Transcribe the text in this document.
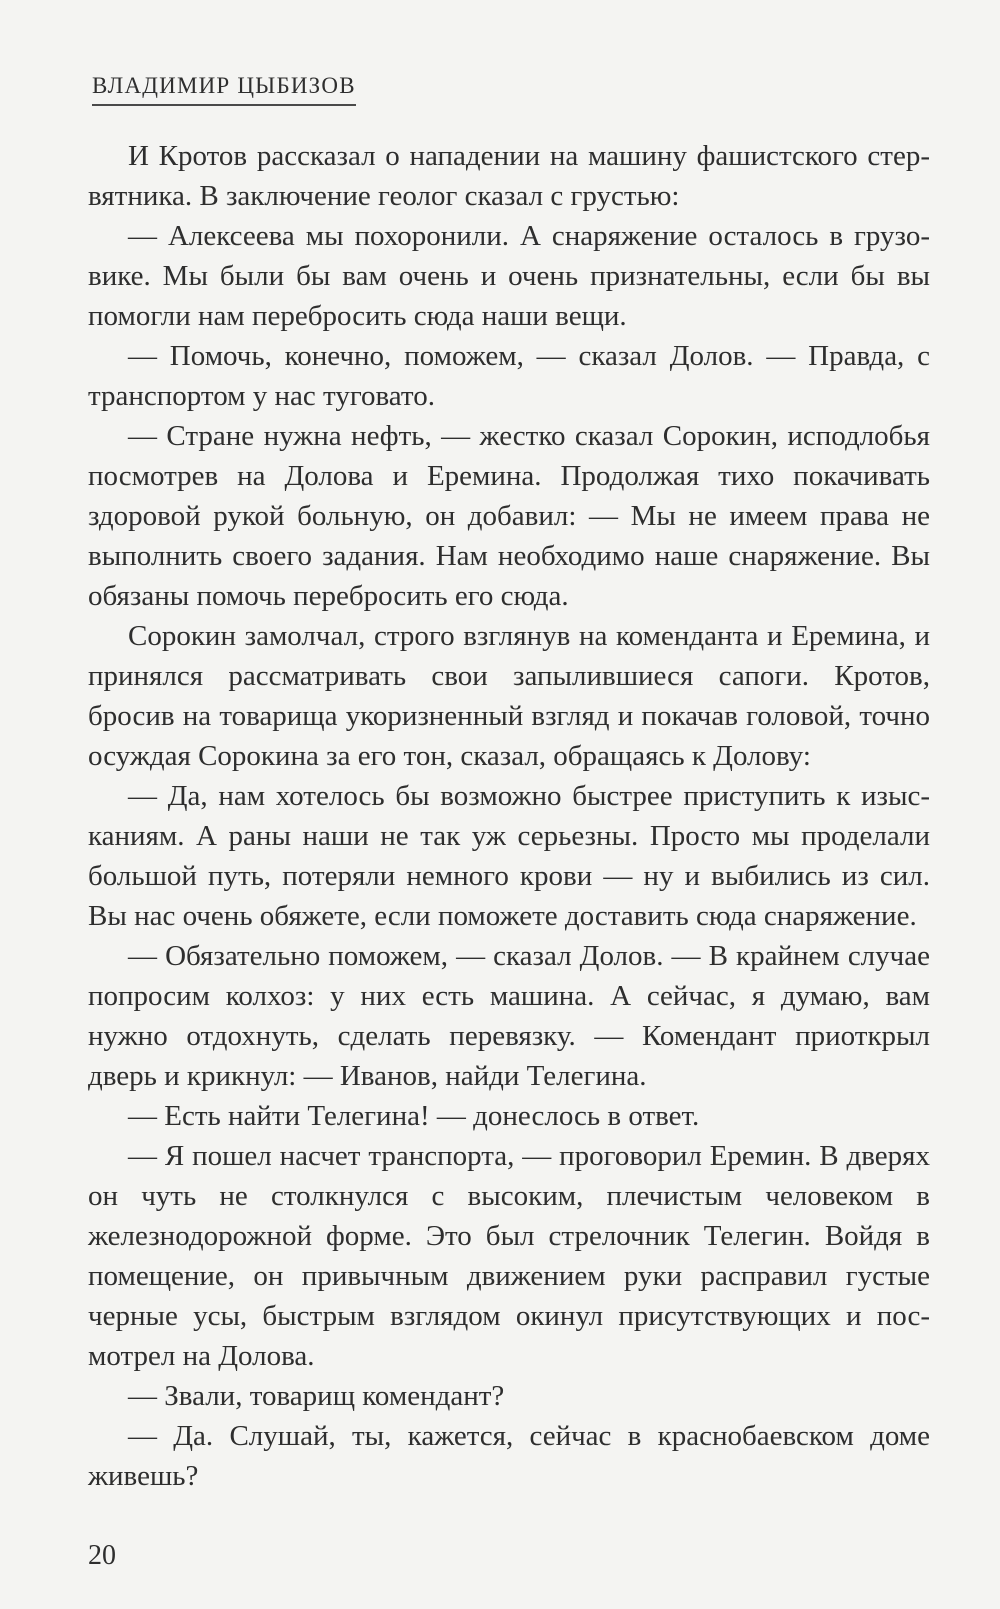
ВЛАДИМИР ЦЫБИЗОВ

И Кротов рассказал о нападении на машину фашистского стервятника. В заключение геолог сказал с грустью:

— Алексеева мы похоронили. А снаряжение осталось в грузовике. Мы были бы вам очень и очень признательны, если бы вы помогли нам перебросить сюда наши вещи.

— Помочь, конечно, поможем, — сказал Долов. — Правда, с транспортом у нас туговато.

— Стране нужна нефть, — жестко сказал Сорокин, исподлобья посмотрев на Долова и Еремина. Продолжая тихо покачивать здоровой рукой больную, он добавил: — Мы не имеем права не выполнить своего задания. Нам необходимо наше снаряжение. Вы обязаны помочь перебросить его сюда.

Сорокин замолчал, строго взглянув на коменданта и Еремина, и принялся рассматривать свои запылившиеся сапоги. Кротов, бросив на товарища укоризненный взгляд и покачав головой, точно осуждая Сорокина за его тон, сказал, обращаясь к Долову:

— Да, нам хотелось бы возможно быстрее приступить к изысканиям. А раны наши не так уж серьезны. Просто мы проделали большой путь, потеряли немного крови — ну и выбились из сил. Вы нас очень обяжете, если поможете доставить сюда снаряжение.

— Обязательно поможем, — сказал Долов. — В крайнем случае попросим колхоз: у них есть машина. А сейчас, я думаю, вам нужно отдохнуть, сделать перевязку. — Комендант приоткрыл дверь и крикнул: — Иванов, найди Телегина.

— Есть найти Телегина! — донеслось в ответ.

— Я пошел насчет транспорта, — проговорил Еремин. В дверях он чуть не столкнулся с высоким, плечистым человеком в железнодорожной форме. Это был стрелочник Телегин. Войдя в помещение, он привычным движением руки расправил густые черные усы, быстрым взглядом окинул присутствующих и посмотрел на Долова.

— Звали, товарищ комендант?

— Да. Слушай, ты, кажется, сейчас в краснобаевском доме живешь?

20
